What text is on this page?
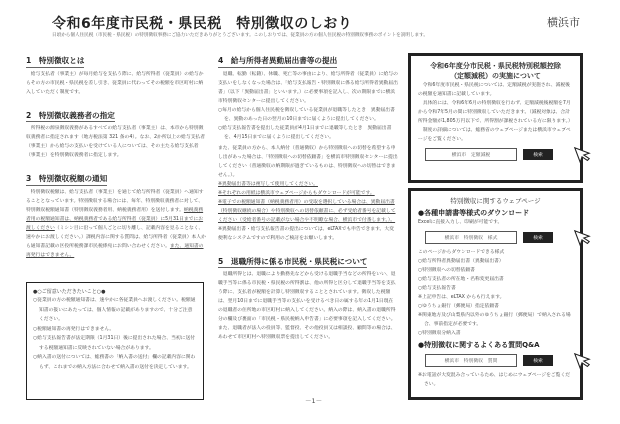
令和6年度市民税・県民税　特別徴収のしおり	横浜市
日頃から個人住民税（市民税・県民税）の特別徴収事務にご協力いただきありがとうございます。このしおりでは、従業員の方の個人住民税の特別徴収事務のポイントを説明します。
1　特別徴収とは

給与支払者（事業主）が毎月給与を支払う際に、給与所得者（従業員）の給与からその方の市民税・県民税を差し引き、従業員に代わってその税額を市区町村に納入していただく制度です。

2　特別徴収義務者の指定

所得税の源泉徴収義務があるすべての給与支払者（事業主）は、本市から特別徴収義務者に指定されます（地方税法第 321 条の4）。なお、2か所以上の給与支払者（事業主）から給与の支払いを受けている人については、その主たる給与支払者（事業主）を特別徴収義務者に指定します。

3　特別徴収税額の通知

特別徴収税額は、給与支払者（事業主）を通じて給与所得者（従業員）へ通知することとなっています。特別徴収する場合には、毎年、特別徴収義務者に対して、特別徴収税額通知書（特別徴収義務者用、納税義務者用）を送付します。納税義務者用の税額通知書は、納税義務者である給与所得者（従業員）に5月31日までにお渡しください（ミシン目に沿って個人ごとに切り離し、記載内容を見ることなく、速やかにお渡しください。）課税内容に関する質問は、給与所得者（従業員）本人から通知書記載の区役所税務課市民税係宛にお問い合わせください。また、通知書の再発行はできません。

●○ご留意いただきたいこと○●
○従業員の方の税額通知書は、速やかに各従業員へお渡しください。税額通知書の扱いにあたっては、個人情報の記載がありますので、十分ご注意ください。
○税額通知書の再発行はできません。
○給与支払報告書が法定期限（1月31日）後に提出された場合、当初に送付する税額通知書に反映されていない場合があります。
○納入書の送付については、総務書の「納入書の送付」欄の記載内容に関わらず、これまでの納入方法に合わせて納入書の送付を決定しています。
4　給与所得者異動届出書等の提出

退職、転勤（転籍）、休職、死亡等の事由により、給与所得者（従業員）に給与の支払いをしなくなった場合は、「給与支払報告・特別徴収に係る給与所得者異動届出書」（以下「異動届出書」といいます。）に必要事項を記入し、次の期限までに横浜市特別徴収センターに提出してください。

○毎月の給与から個人住民税を徴収している従業員が退職等したとき　異動届出書を、異動のあった日の翌月の10日までに届くように提出してください。
○給与支払報告書を提出した従業員が4月1日までに退職等したとき　異動届出書を、4月15日までに届くように提出してください。

また、従業員の方から、本人納付（普通徴収）から特別徴収への切替を希望する申し出があった場合は、「特別徴収への切替依頼書」を横浜市特別徴収センターに提出してください（普通徴収の納期限が過ぎているものは、特別徴収への切替はできません。）。

※異動届出書等は複写して使用してください。
※それぞれの用紙は横浜市ウェブページからもダウンロードが可能です。
※電子での税額通知書（納税義務者用）の受取を選択している場合は、異動届出書（特別徴収継続の場合）や特別徴収への切替依頼書に、必ず受給者番号を記載してください（受給者番号の記載がない場合や不明瞭な場合、横浜市で付番します。）。
※異動届出書・給与支払報告書の提出については、eLTAXでも申告できます。大変便利なシステムですので利用のご検討をお願いします。
5　退職所得に係る市民税・県民税について

退職所得とは、退職により勤務先などから受ける退職手当などの所得をいい、退職手当等に係る市民税・県民税の所得割は、他の所得と区分して退職手当等を支払う際に、支払者が税額を計算し特別徴収することとされています。徴収した税額は、翌月10日までに退職手当等の支払いを受けるべき日の属する年の1月1日現在の退職者の住所地の市区町村に納入してください。納入の際は、納入書の退職所得分の欄及び裏面の「市民税・県民税納入申告書」に必要事項を記入してください。また、退職者が法人の役員等、監督役、その他役員又は相談役、顧問等の場合は、あわせて市区町村へ特別徴収票を提出してください。

－1－
令和6年度分市民税・県民税特別税額控除
（定額減税）の実施について
令和6年度市民税・県民税については、定額減税が実施され、減税後の税額を通知書に記載しています。
具体的には、令和6年6月の特別徴収を行わず、定額減税後税額を7月から令和7年5月の間に特別徴収していただきます。（減税対象は、合計所得金額が1,805万円以下で、所得割が課税されている方に限ります。）
制度の詳細については、総務省のウェブページまたは横浜市ウェブページをご覧ください。
横浜市　定額減税	検索
特別徴収に関するウェブページ
●各種申請書等様式のダウンロード
Excelに直接入力し、印刷が可能です。
横浜市　特別徴収　様式	検索
このページからダウンロードできる様式
○給与所得者異動届出書（異動届出書）
○特別徴収への切替依頼書
○給与支払者の所在地・名称変更届出書
○給与支払報告書
※上記申告は、eLTAX からも行えます。
○ゆうちょ銀行（郵便局）指定依頼書
※関東地方及び山梨県内以外のゆうちょ銀行（郵便局）で納入される場合、事前指定が必要です。
○特別徴収分納入書
●特別徴収に関するよくある質問Q&A
横浜市　特別徴収　質問	検索
※お電話が大変混み合っているため、はじめにウェブページをご覧ください。
